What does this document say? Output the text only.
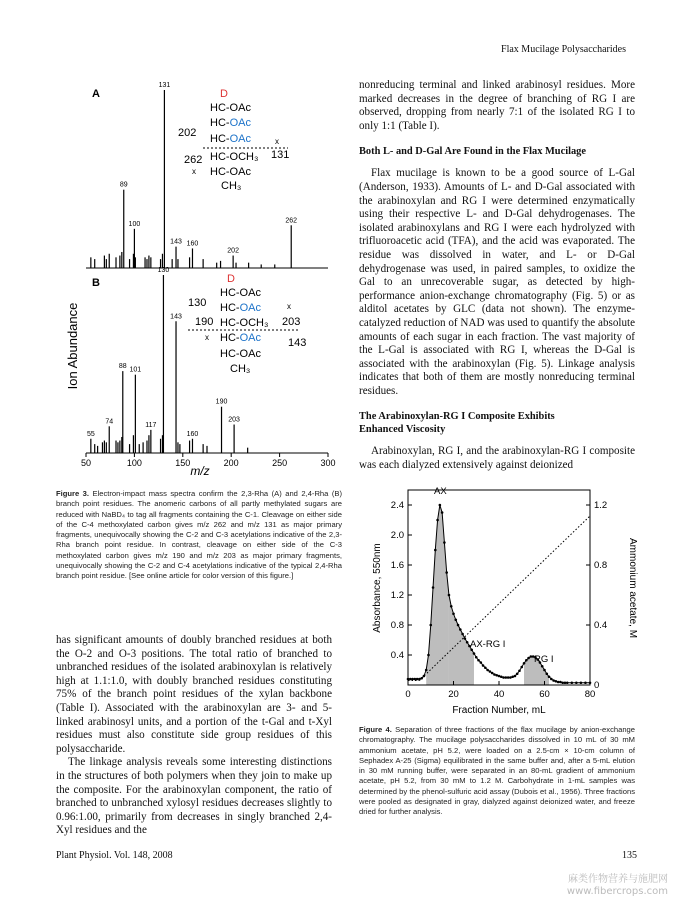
Flax Mucilage Polysaccharides
Ion Abundance
A
B
50	100	150	200	250	300
131
89
100
143 160
202
262
130
143
88
101
74
55
117
160
190
203
m/z
D
HC-OAc
HC-OAc
HC-OAc
HC-OCH₃
HC-OAc
CH₃
202
262
x
x
131
D
HC-OAc
HC-OAc
HC-OCH₃
HC-OAc
HC-OAc
CH₃
130
190
x
x
203
143
Figure 3. Electron-impact mass spectra confirm the 2,3-Rha (A) and 2,4-Rha (B) branch point residues. The anomeric carbons of all partly methylated sugars are reduced with NaBD₄ to tag all fragments containing the C-1. Cleavage on either side of the C-4 methoxylated carbon gives m/z 262 and m/z 131 as major primary fragments, unequivocally showing the C-2 and C-3 acetylations indicative of the 2,3-Rha branch point residue. In contrast, cleavage on either side of the C-3 methoxylated carbon gives m/z 190 and m/z 203 as major primary fragments, unequivocally showing the C-2 and C-4 acetylations indicative of the typical 2,4-Rha branch point residue. [See online article for color version of this figure.]

has significant amounts of doubly branched residues at both the O-2 and O-3 positions. The total ratio of branched to unbranched residues of the isolated arabinoxylan is relatively high at 1.1:1.0, with doubly branched residues constituting 75% of the branch point residues of the xylan backbone (Table I). Associated with the arabinoxylan are 3- and 5-linked arabinosyl units, and a portion of the t-Gal and t-Xyl residues must also constitute side group residues of this polysaccharide.

The linkage analysis reveals some interesting distinctions in the structures of both polymers when they join to make up the composite. For the arabinoxylan component, the ratio of branched to unbranched xylosyl residues decreases slightly to 0.96:1.00, primarily from decreases in singly branched 2,4-Xyl residues and the

nonreducing terminal and linked arabinosyl residues. More marked decreases in the degree of branching of RG I are observed, dropping from nearly 7:1 of the isolated RG I to only 1:1 (Table I).

Both L- and D-Gal Are Found in the Flax Mucilage

Flax mucilage is known to be a good source of L-Gal (Anderson, 1933). Amounts of L- and D-Gal associated with the arabinoxylan and RG I were determined enzymatically using their respective L- and D-Gal dehydrogenases. The isolated arabinoxylans and RG I were each hydrolyzed with trifluoroacetic acid (TFA), and the acid was evaporated. The residue was dissolved in water, and L- or D-Gal dehydrogenase was used, in paired samples, to oxidize the Gal to an unrecoverable sugar, as detected by high-performance anion-exchange chromatography (Fig. 5) or as alditol acetates by GLC (data not shown). The enzyme-catalyzed reduction of NAD was used to quantify the absolute amounts of each sugar in each fraction. The vast majority of the L-Gal is associated with RG I, whereas the D-Gal is associated with the arabinoxylan (Fig. 5). Linkage analysis indicates that both of them are mostly nonreducing terminal residues.

The Arabinoxylan-RG I Composite Exhibits

Enhanced Viscosity

Arabinoxylan, RG I, and the arabinoxylan-RG I composite was each dialyzed extensively against deionized

0	20	40	60	80
0.4
0.8
1.2
1.6
2.0
2.4
0
0.4
0.8
1.2
Fraction Number, mL
Absorbance, 550nm	Ammonium acetate, M
AX
AX-RG I
RG I
Figure 4. Separation of three fractions of the flax mucilage by anion-exchange chromatography. The mucilage polysaccharides dissolved in 10 mL of 30 mM ammonium acetate, pH 5.2, were loaded on a 2.5-cm × 10-cm column of Sephadex A-25 (Sigma) equilibrated in the same buffer and, after a 5-mL elution in 30 mM running buffer, were separated in an 80-mL gradient of ammonium acetate, pH 5.2, from 30 mM to 1.2 M. Carbohydrate in 1-mL samples was determined by the phenol-sulfuric acid assay (Dubois et al., 1956). Three fractions were pooled as designated in gray, dialyzed against deionized water, and freeze dried for further analysis.
Plant Physiol. Vol. 148, 2008	135
麻类作物营养与施肥网
www.fibercrops.com
